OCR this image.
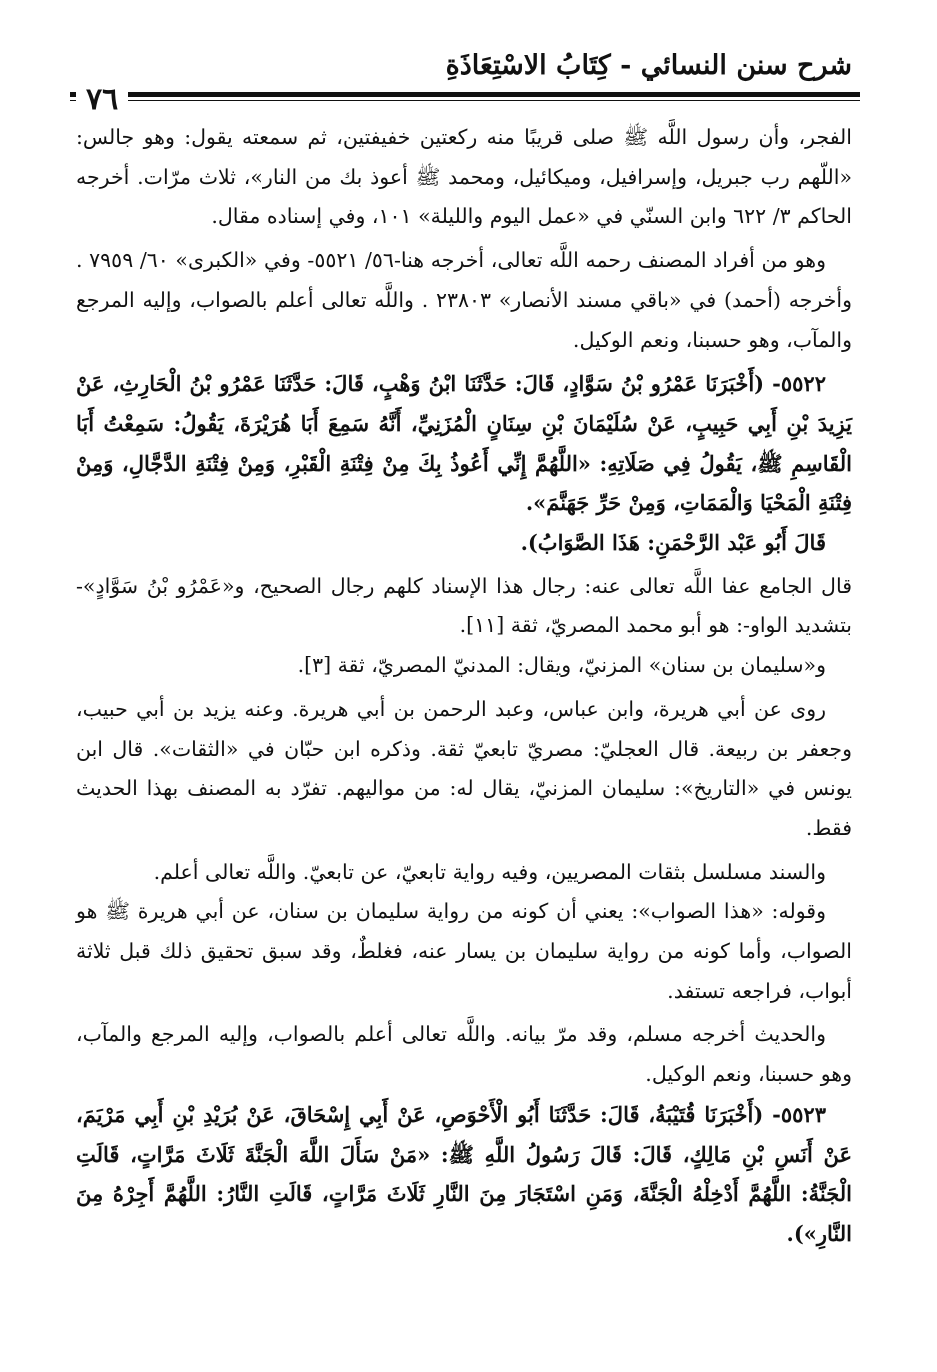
شرح سنن النسائي - كِتَابُ الاسْتِعَاذَةِ
٧٦

الفجر، وأن رسول اللَّه ﷺ صلى قريبًا منه ركعتين خفيفتين، ثم سمعته يقول: وهو جالس: «اللّهم رب جبريل، وإسرافيل، وميكائيل، ومحمد ﷺ أعوذ بك من النار»، ثلاث مرّات. أخرجه الحاكم ٣/ ٦٢٢ وابن السنّي في «عمل اليوم والليلة» ١٠١، وفي إسناده مقال.

وهو من أفراد المصنف رحمه اللَّه تعالى، أخرجه هنا-٥٦/ ٥٥٢١- وفي «الكبرى» ٦٠/ ٧٩٥٩ . وأخرجه (أحمد) في «باقي مسند الأنصار» ٢٣٨٠٣ . واللَّه تعالى أعلم بالصواب، وإليه المرجع والمآب، وهو حسبنا، ونعم الوكيل.

٥٥٢٢- (أَخْبَرَنَا عَمْرُو بْنُ سَوَّادٍ، قَالَ: حَدَّثَنَا ابْنُ وَهْبٍ، قَالَ: حَدَّثَنَا عَمْرُو بْنُ الْحَارِثِ، عَنْ يَزِيدَ بْنِ أَبِي حَبِيبٍ، عَنْ سُلَيْمَانَ بْنِ سِنَانٍ الْمُزَنِيِّ، أَنَّهُ سَمِعَ أَبَا هُرَيْرَةَ، يَقُولُ: سَمِعْتُ أَبَا الْقَاسِمِ ﷺ، يَقُولُ فِي صَلَاتِهِ: «اللَّهُمَّ إِنِّي أَعُوذُ بِكَ مِنْ فِتْنَةِ الْقَبْرِ، وَمِنْ فِتْنَةِ الدَّجَّالِ، وَمِنْ فِتْنَةِ الْمَحْيَا وَالْمَمَاتِ، وَمِنْ حَرِّ جَهَنَّمَ».

قَالَ أَبُو عَبْد الرَّحْمَنِ: هَذَا الصَّوَابُ).

قال الجامع عفا اللَّه تعالى عنه: رجال هذا الإسناد كلهم رجال الصحيح، و«عَمْرُو بْنُ سَوَّادٍ»- بتشديد الواو-: هو أبو محمد المصريّ، ثقة [١١].

و«سليمان بن سنان» المزنيّ، ويقال: المدنيّ المصريّ، ثقة [٣].

روى عن أبي هريرة، وابن عباس، وعبد الرحمن بن أبي هريرة. وعنه يزيد بن أبي حبيب، وجعفر بن ربيعة. قال العجليّ: مصريّ تابعيّ ثقة. وذكره ابن حبّان في «الثقات». قال ابن يونس في «التاريخ»: سليمان المزنيّ، يقال له: من مواليهم. تفرّد به المصنف بهذا الحديث فقط.

والسند مسلسل بثقات المصريين، وفيه رواية تابعيّ، عن تابعيّ. واللَّه تعالى أعلم.

وقوله: «هذا الصواب»: يعني أن كونه من رواية سليمان بن سنان، عن أبي هريرة ﷺ هو الصواب، وأما كونه من رواية سليمان بن يسار عنه، فغلطٌ، وقد سبق تحقيق ذلك قبل ثلاثة أبواب، فراجعه تستفد.

والحديث أخرجه مسلم، وقد مرّ بيانه. واللَّه تعالى أعلم بالصواب، وإليه المرجع والمآب، وهو حسبنا، ونعم الوكيل.

٥٥٢٣- (أَخْبَرَنَا قُتَيْبَةُ، قَالَ: حَدَّثَنَا أَبُو الْأَحْوَصِ، عَنْ أَبِي إِسْحَاقَ، عَنْ بُرَيْدِ بْنِ أَبِي مَرْيَمَ، عَنْ أَنَسِ بْنِ مَالِكٍ، قَالَ: قَالَ رَسُولُ اللَّهِ ﷺ: «مَنْ سَأَلَ اللَّهَ الْجَنَّةَ ثَلَاثَ مَرَّاتٍ، قَالَتِ الْجَنَّةُ: اللَّهُمَّ أَدْخِلْهُ الْجَنَّةَ، وَمَنِ اسْتَجَارَ مِنَ النَّارِ ثَلَاثَ مَرَّاتٍ، قَالَتِ النَّارُ: اللَّهُمَّ أَجِرْهُ مِنَ النَّارِ»).
